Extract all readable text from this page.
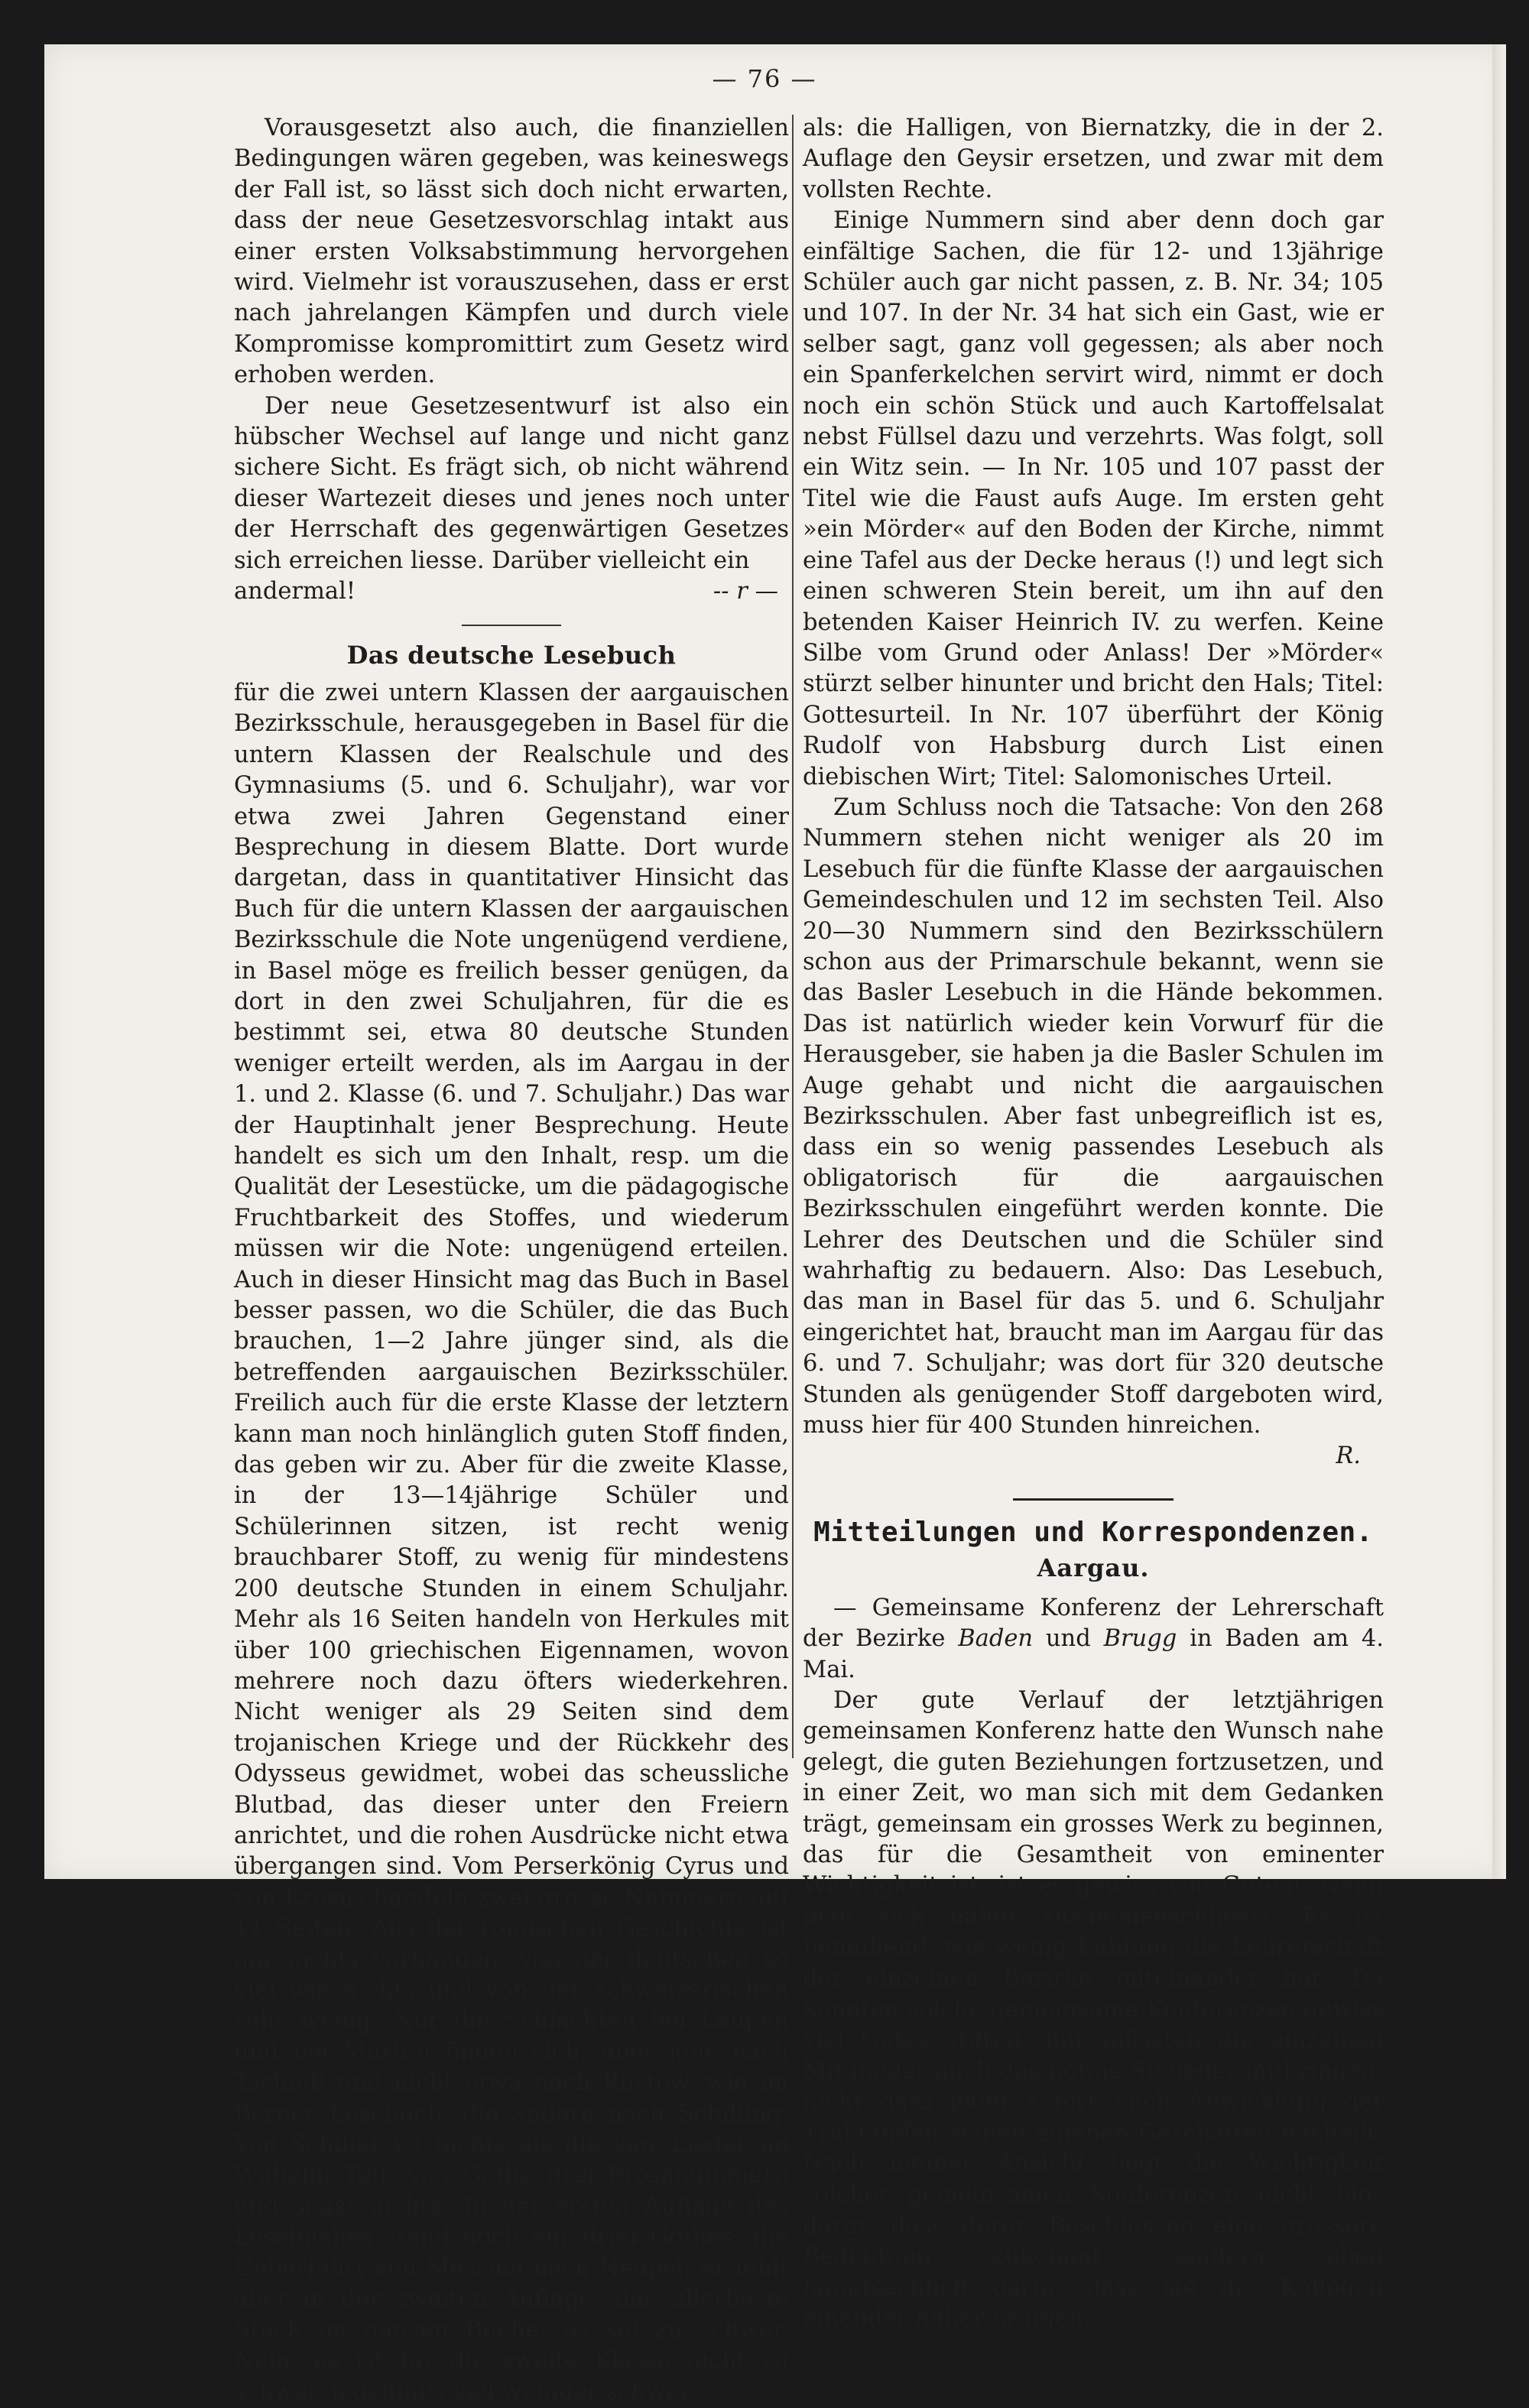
— 76 —

Vorausgesetzt also auch, die finanziellen Bedingungen wären gegeben, was keineswegs der Fall ist, so lässt sich doch nicht erwarten, dass der neue Gesetzesvorschlag intakt aus einer ersten Volksabstimmung hervorgehen wird. Vielmehr ist vorauszusehen, dass er erst nach jahrelangen Kämpfen und durch viele Kompromisse kompromittirt zum Gesetz wird erhoben werden.

Der neue Gesetzesentwurf ist also ein hübscher Wechsel auf lange und nicht ganz sichere Sicht. Es frägt sich, ob nicht während dieser Wartezeit dieses und jenes noch unter der Herrschaft des gegenwärtigen Gesetzes sich erreichen liesse. Darüber vielleicht ein

andermal!	-- r —
Das deutsche Lesebuch

für die zwei untern Klassen der aargauischen Bezirksschule, herausgegeben in Basel für die untern Klassen der Realschule und des Gymnasiums (5. und 6. Schuljahr), war vor etwa zwei Jahren Gegenstand einer Besprechung in diesem Blatte. Dort wurde dargetan, dass in quantitativer Hinsicht das Buch für die untern Klassen der aargauischen Bezirksschule die Note ungenügend verdiene, in Basel möge es freilich besser genügen, da dort in den zwei Schuljahren, für die es bestimmt sei, etwa 80 deutsche Stunden weniger erteilt werden, als im Aargau in der 1. und 2. Klasse (6. und 7. Schuljahr.) Das war der Hauptinhalt jener Besprechung. Heute handelt es sich um den Inhalt, resp. um die Qualität der Lesestücke, um die pädagogische Fruchtbarkeit des Stoffes, und wiederum müssen wir die Note: ungenügend erteilen. Auch in dieser Hinsicht mag das Buch in Basel besser passen, wo die Schüler, die das Buch brauchen, 1—2 Jahre jünger sind, als die betreffenden aargauischen Bezirksschüler. Freilich auch für die erste Klasse der letztern kann man noch hinlänglich guten Stoff finden, das geben wir zu. Aber für die zweite Klasse, in der 13—14jährige Schüler und Schülerinnen sitzen, ist recht wenig brauchbarer Stoff, zu wenig für mindestens 200 deutsche Stunden in einem Schuljahr. Mehr als 16 Seiten handeln von Herkules mit über 100 griechischen Eigennamen, wovon mehrere noch dazu öfters wiederkehren. Nicht weniger als 29 Seiten sind dem trojanischen Kriege und der Rückkehr des Odysseus gewidmet, wobei das scheussliche Blutbad, das dieser unter den Freiern anrichtet, und die rohen Ausdrücke nicht etwa übergangen sind. Vom Perserkönig Cyrus und von Krösus handeln zwei grosse Nummern auf 11 Seiten. Aus der römischen Geschichte ist gar nichts vorhanden, von der deutschen so viel wie nichts und von der schweizerischen sehr wenig. Nur die Schlachten bei Laupen und bei Murten finden sich, aber jene nach Tschudi und nicht etwa nach Rüstow, wie im Berner Lesebuch, die andere nach Schilling. Von Schiller ist nichts als die vier Lieder im Wilhelm Tell, von Göthe drei Prosanummern und sonst nichts. In der ersten Auflage des Lesebuches stand noch ein Brief Göthes: die Ueberfahrt von Messina nach Neapel; er fehlt aber in der zweiten Auflage, das allerbeste Stück im ganzen Buche; es sei zu schwer. Nein, es ist für die zweite Klasse nicht zu schwer, jedenfalls viel weniger schwer

als: die Halligen, von Biernatzky, die in der 2. Auflage den Geysir ersetzen, und zwar mit dem vollsten Rechte.

Einige Nummern sind aber denn doch gar einfältige Sachen, die für 12- und 13jährige Schüler auch gar nicht passen, z. B. Nr. 34; 105 und 107. In der Nr. 34 hat sich ein Gast, wie er selber sagt, ganz voll gegessen; als aber noch ein Spanferkelchen servirt wird, nimmt er doch noch ein schön Stück und auch Kartoffelsalat nebst Füllsel dazu und verzehrts. Was folgt, soll ein Witz sein. — In Nr. 105 und 107 passt der Titel wie die Faust aufs Auge. Im ersten geht »ein Mörder« auf den Boden der Kirche, nimmt eine Tafel aus der Decke heraus (!) und legt sich einen schweren Stein bereit, um ihn auf den betenden Kaiser Heinrich IV. zu werfen. Keine Silbe vom Grund oder Anlass! Der »Mörder« stürzt selber hinunter und bricht den Hals; Titel: Gottesurteil. In Nr. 107 überführt der König Rudolf von Habsburg durch List einen diebischen Wirt; Titel: Salomonisches Urteil.

Zum Schluss noch die Tatsache: Von den 268 Nummern stehen nicht weniger als 20 im Lesebuch für die fünfte Klasse der aargauischen Gemeindeschulen und 12 im sechsten Teil. Also 20—30 Nummern sind den Bezirksschülern schon aus der Primarschule bekannt, wenn sie das Basler Lesebuch in die Hände bekommen. Das ist natürlich wieder kein Vorwurf für die Herausgeber, sie haben ja die Basler Schulen im Auge gehabt und nicht die aargauischen Bezirksschulen. Aber fast unbegreiflich ist es, dass ein so wenig passendes Lesebuch als obligatorisch für die aargauischen Bezirksschulen eingeführt werden konnte. Die Lehrer des Deutschen und die Schüler sind wahrhaftig zu bedauern. Also: Das Lesebuch, das man in Basel für das 5. und 6. Schuljahr eingerichtet hat, braucht man im Aargau für das 6. und 7. Schuljahr; was dort für 320 deutsche Stunden als genügender Stoff dargeboten wird, muss hier für 400 Stunden hinreichen.

R.

Mitteilungen und Korrespondenzen.
Aargau.

— Gemeinsame Konferenz der Lehrerschaft der Bezirke Baden und Brugg in Baden am 4. Mai.

Der gute Verlauf der letztjährigen gemeinsamen Konferenz hatte den Wunsch nahe gelegt, die guten Beziehungen fortzusetzen, und in einer Zeit, wo man sich mit dem Gedanken trägt, gemeinsam ein grosses Werk zu beginnen, das für die Gesamtheit von eminenter Wichtigkeit ist, ist es gewiss von Gutem, wenn man sich näher zusammenschliesst. Es ist bemühend, wie wenig Fühlung die Lehrerschaft der einzelnen Bezirke miteinander hat. Da könnten solche gemeinsame Konferenzen gewiss viel Gutes stiften, nur müssten die einzelnen Mitglieder auch das nötige Sitzleder mitbringen; nicht dass jeder sofort nach Abwicklung der Traktanden seinen eigenen Geschäften nacheilt. Nach meiner Ansicht liegt die Wichtigkeit solcher gemeinsamen Konferenzen nicht blos darin, dass deren Beschlüssen eine grössere Bedeutung zukommt, sondern eben hauptsächlich darin, dass sie die Kollegen einander näher bringen.
